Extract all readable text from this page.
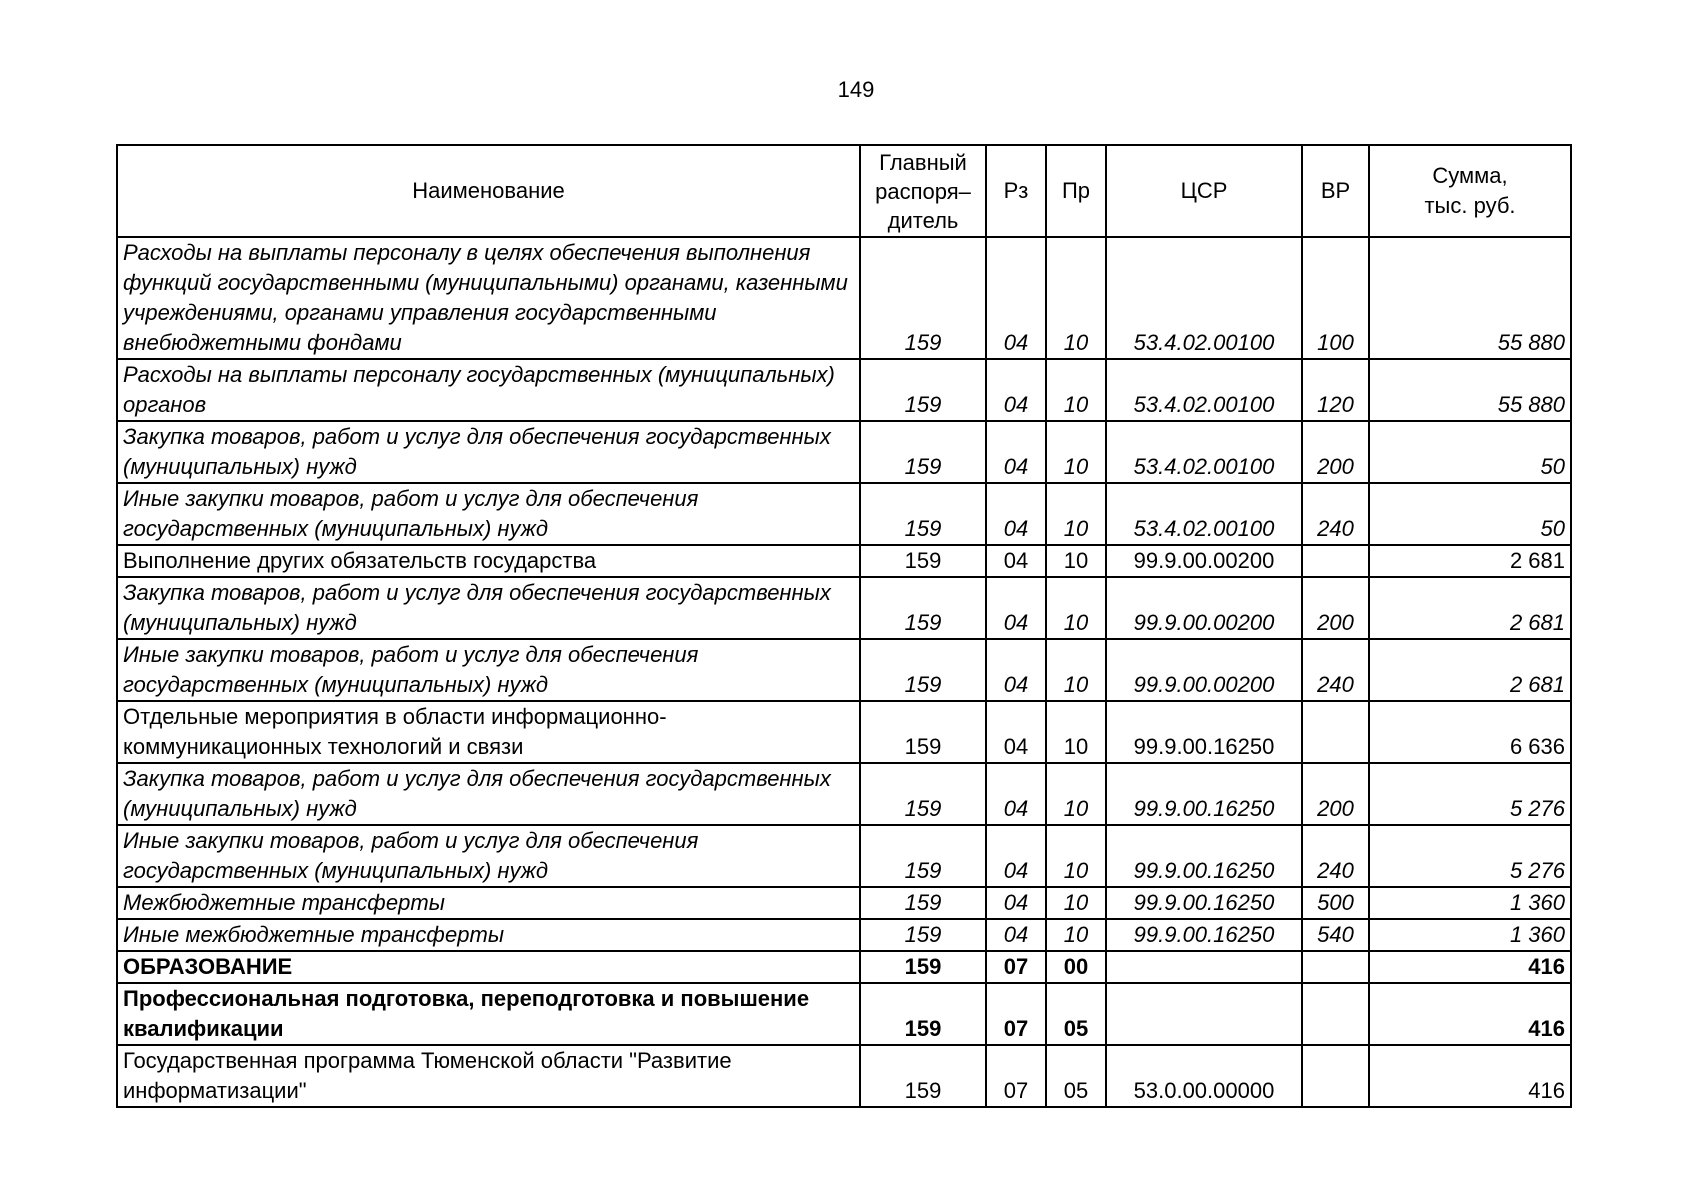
149
Наименование	Главный распоря– дитель	Рз	Пр	ЦСР	ВР	Сумма, тыс. руб.
Расходы на выплаты персоналу в целях обеспечения выполнения функций государственными (муниципальными) органами, казенными учреждениями, органами управления государственными внебюджетными фондами	159	04	10	53.4.02.00100	100	55 880
Расходы на выплаты персоналу государственных (муниципальных) органов	159	04	10	53.4.02.00100	120	55 880
Закупка товаров, работ и услуг для обеспечения государственных (муниципальных) нужд	159	04	10	53.4.02.00100	200	50
Иные закупки товаров, работ и услуг для обеспечения государственных (муниципальных) нужд	159	04	10	53.4.02.00100	240	50
Выполнение других обязательств государства	159	04	10	99.9.00.00200		2 681
Закупка товаров, работ и услуг для обеспечения государственных (муниципальных) нужд	159	04	10	99.9.00.00200	200	2 681
Иные закупки товаров, работ и услуг для обеспечения государственных (муниципальных) нужд	159	04	10	99.9.00.00200	240	2 681
Отдельные мероприятия в области информационно-коммуникационных технологий и связи	159	04	10	99.9.00.16250		6 636
Закупка товаров, работ и услуг для обеспечения государственных (муниципальных) нужд	159	04	10	99.9.00.16250	200	5 276
Иные закупки товаров, работ и услуг для обеспечения государственных (муниципальных) нужд	159	04	10	99.9.00.16250	240	5 276
Межбюджетные трансферты	159	04	10	99.9.00.16250	500	1 360
Иные межбюджетные трансферты	159	04	10	99.9.00.16250	540	1 360
ОБРАЗОВАНИЕ	159	07	00			416
Профессиональная подготовка, переподготовка и повышение квалификации	159	07	05			416
Государственная программа Тюменской области "Развитие информатизации"	159	07	05	53.0.00.00000		416
